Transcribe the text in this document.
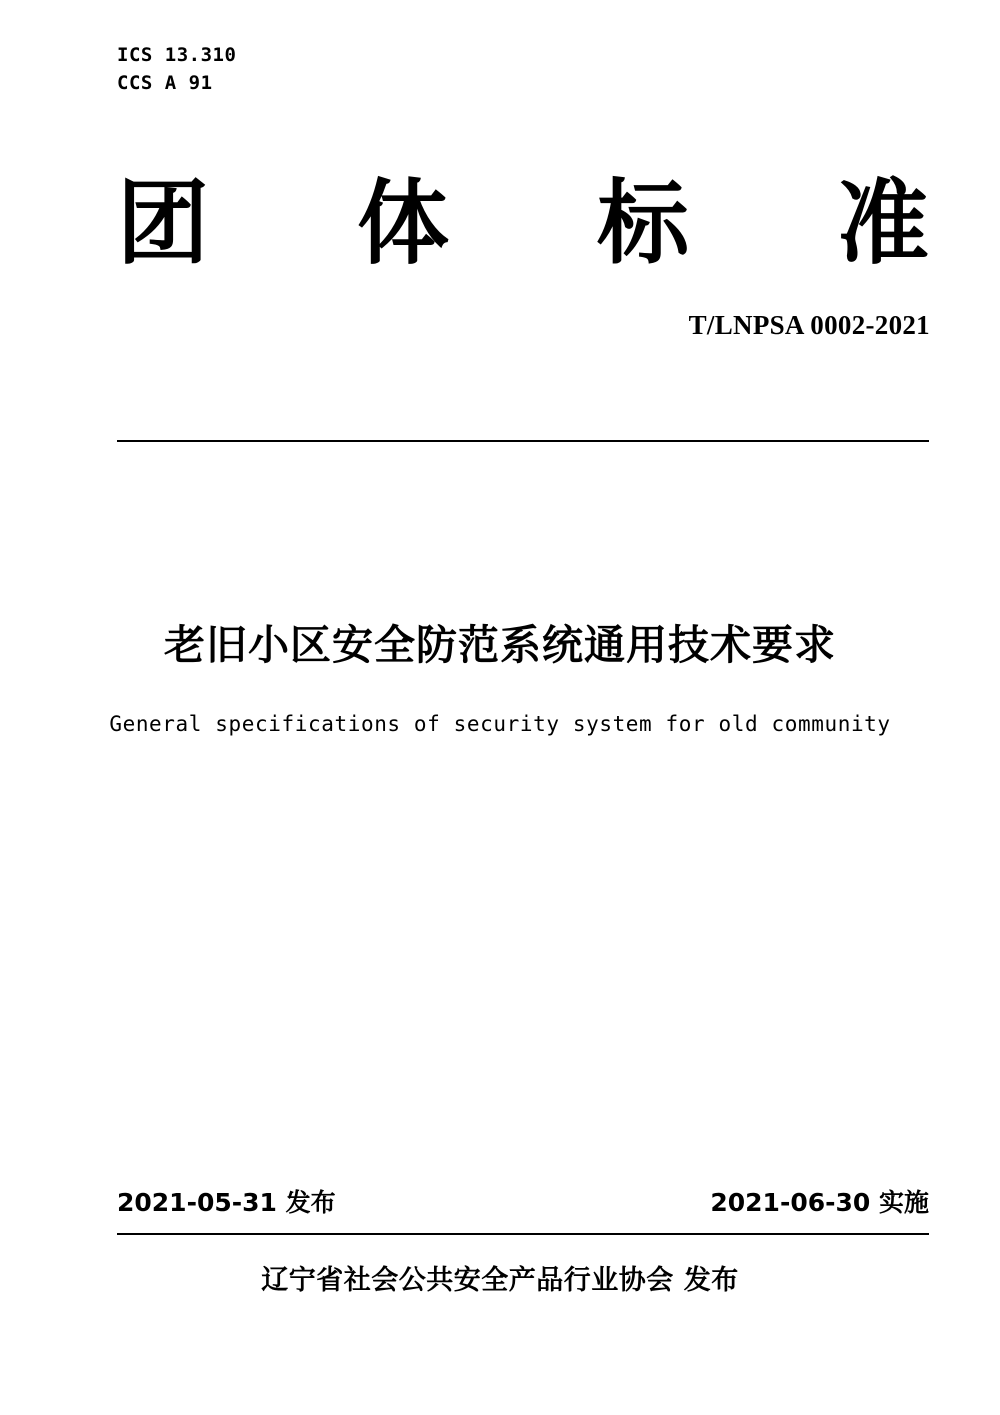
ICS 13.310
CCS A 91
团 体 标 准
T/LNPSA 0002-2021
老旧小区安全防范系统通用技术要求
General specifications of security system for old community
2021-05-31 发布	2021-06-30 实施
辽宁省社会公共安全产品行业协会 发布
